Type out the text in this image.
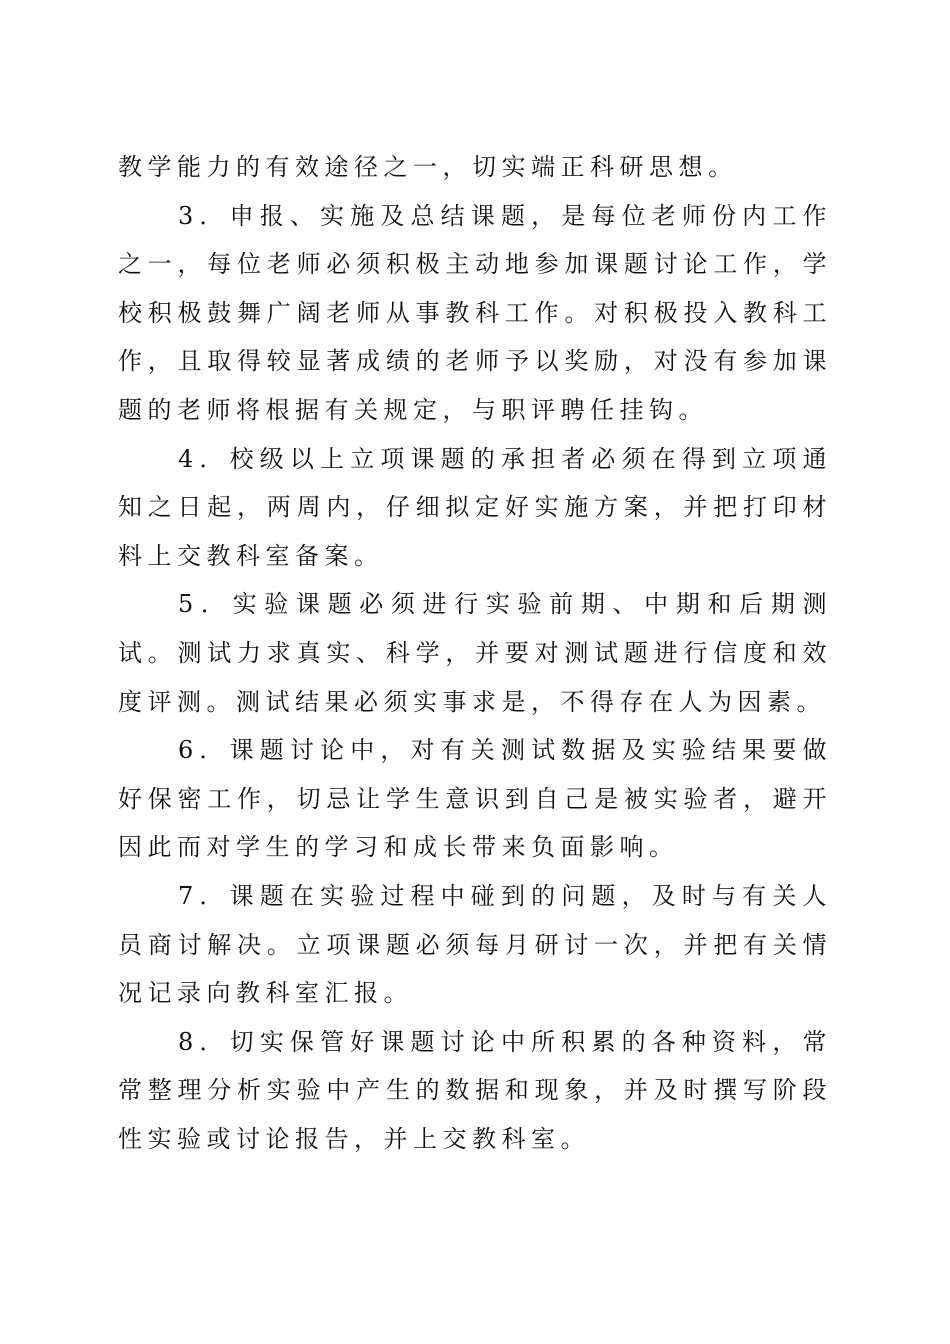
教学能力的有效途径之一，切实端正科研思想。

3．申报、实施及总结课题，是每位老师份内工作之一，每位老师必须积极主动地参加课题讨论工作，学校积极鼓舞广阔老师从事教科工作。对积极投入教科工作，且取得较显著成绩的老师予以奖励，对没有参加课题的老师将根据有关规定，与职评聘任挂钩。

4．校级以上立项课题的承担者必须在得到立项通知之日起，两周内，仔细拟定好实施方案，并把打印材料上交教科室备案。

5．实验课题必须进行实验前期、中期和后期测试。测试力求真实、科学，并要对测试题进行信度和效度评测。测试结果必须实事求是，不得存在人为因素。

6．课题讨论中，对有关测试数据及实验结果要做好保密工作，切忌让学生意识到自己是被实验者，避开因此而对学生的学习和成长带来负面影响。

7．课题在实验过程中碰到的问题，及时与有关人员商讨解决。立项课题必须每月研讨一次，并把有关情况记录向教科室汇报。

8．切实保管好课题讨论中所积累的各种资料，常常整理分析实验中产生的数据和现象，并及时撰写阶段性实验或讨论报告，并上交教科室。
